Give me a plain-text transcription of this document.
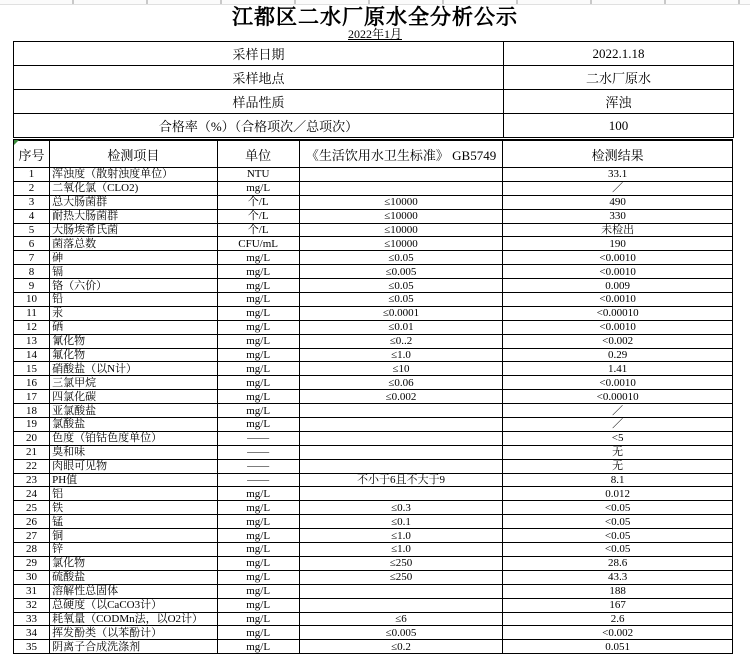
江都区二水厂原水全分析公示
2022年1月
采样日期	2022.1.18
采样地点	二水厂原水
样品性质	浑浊
合格率（%）（合格项次／总项次）	100
序号	检测项目	单位	《生活饮用水卫生标准》 GB5749	检测结果
1	浑浊度（散射浊度单位）	NTU		33.1
2	二氧化氯（CLO2)	mg/L		／
3	总大肠菌群	个/L	≤10000	490
4	耐热大肠菌群	个/L	≤10000	330
5	大肠埃希氏菌	个/L	≤10000	未检出
6	菌落总数	CFU/mL	≤10000	190
7	砷	mg/L	≤0.05	<0.0010
8	镉	mg/L	≤0.005	<0.0010
9	铬（六价）	mg/L	≤0.05	0.009
10	铅	mg/L	≤0.05	<0.0010
11	汞	mg/L	≤0.0001	<0.00010
12	硒	mg/L	≤0.01	<0.0010
13	氰化物	mg/L	≤0..2	<0.002
14	氟化物	mg/L	≤1.0	0.29
15	硝酸盐（以N计）	mg/L	≤10	1.41
16	三氯甲烷	mg/L	≤0.06	<0.0010
17	四氯化碳	mg/L	≤0.002	<0.00010
18	亚氯酸盐	mg/L		／
19	氯酸盐	mg/L		／
20	色度（铂钴色度单位）	——		<5
21	臭和味	——		无
22	肉眼可见物	——		无
23	PH值	——	不小于6且不大于9	8.1
24	铝	mg/L		0.012
25	铁	mg/L	≤0.3	<0.05
26	锰	mg/L	≤0.1	<0.05
27	铜	mg/L	≤1.0	<0.05
28	锌	mg/L	≤1.0	<0.05
29	氯化物	mg/L	≤250	28.6
30	硫酸盐	mg/L	≤250	43.3
31	溶解性总固体	mg/L		188
32	总硬度（以CaCO3计）	mg/L		167
33	耗氧量（CODMn法，以O2计）	mg/L	≤6	2.6
34	挥发酚类（以苯酚计）	mg/L	≤0.005	<0.002
35	阴离子合成洗涤剂	mg/L	≤0.2	0.051
